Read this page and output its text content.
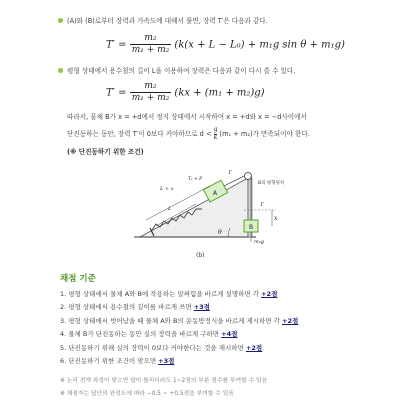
(A)와 (B)로부터 장력과 가속도에 대해서 풀면, 장력 T′은 다음과 같다.
$T' = \frac{\text{m₂}}{\text{m₁ + m₂}} (k(x + L - L_0) + m_1g$ sin θ + m₁g)
평형 상태에서 용수철의 길이 L을 이용하여 장력은 다음과 같이 다시 쓸 수 있다.
$T' = \frac{\text{m₂}}{\text{m₁ + m₂}} (kx + (m_1 + m_2)g)$
따라서, 물체 B가 x = +d에서 정지 상태에서 시작하여 x = +d와 x = −d사이에서
단진동하는 동안, 장력 T′이 0보다 커야하므로 $d < \frac{g}{k} (m_1 + m_2)$가 만족되어야 한다.
(※ 단진동하기 위한 조건)
A
B
x
B의 평형위치
T′
m₂g
L + x
L
Tₛ + F
T′
θ
(b)
채점 기준
1. 평형 상태에서 물체 A와 B에 작용하는 알짜힘을 바르게 설명하면 각 +2점
2. 평형 상태에서 용수철의 길이를 바르게 쓰면 +3점
3. 평형 상태에서 벗어났을 때 물체 A와 B의 운동방정식을 바르게 제시하면 각 +2점
4. 물체 B가 단진동하는 동안 실의 장력을 바르게 구하면 +4점
5. 단진동하기 위해 실의 장력이 0보다 커야한다는 것을 제시하면 +2점
6. 단진동하기 위한 조건이 맞으면 +3점
※ 논리 전개 과정이 맞으면 답이 틀리더라도 1~2점의 부분 점수를 부여할 수 있음
※ 채점자는 답안의 완성도에 따라 −0.5 ~ +0.5점을 부여할 수 있음
